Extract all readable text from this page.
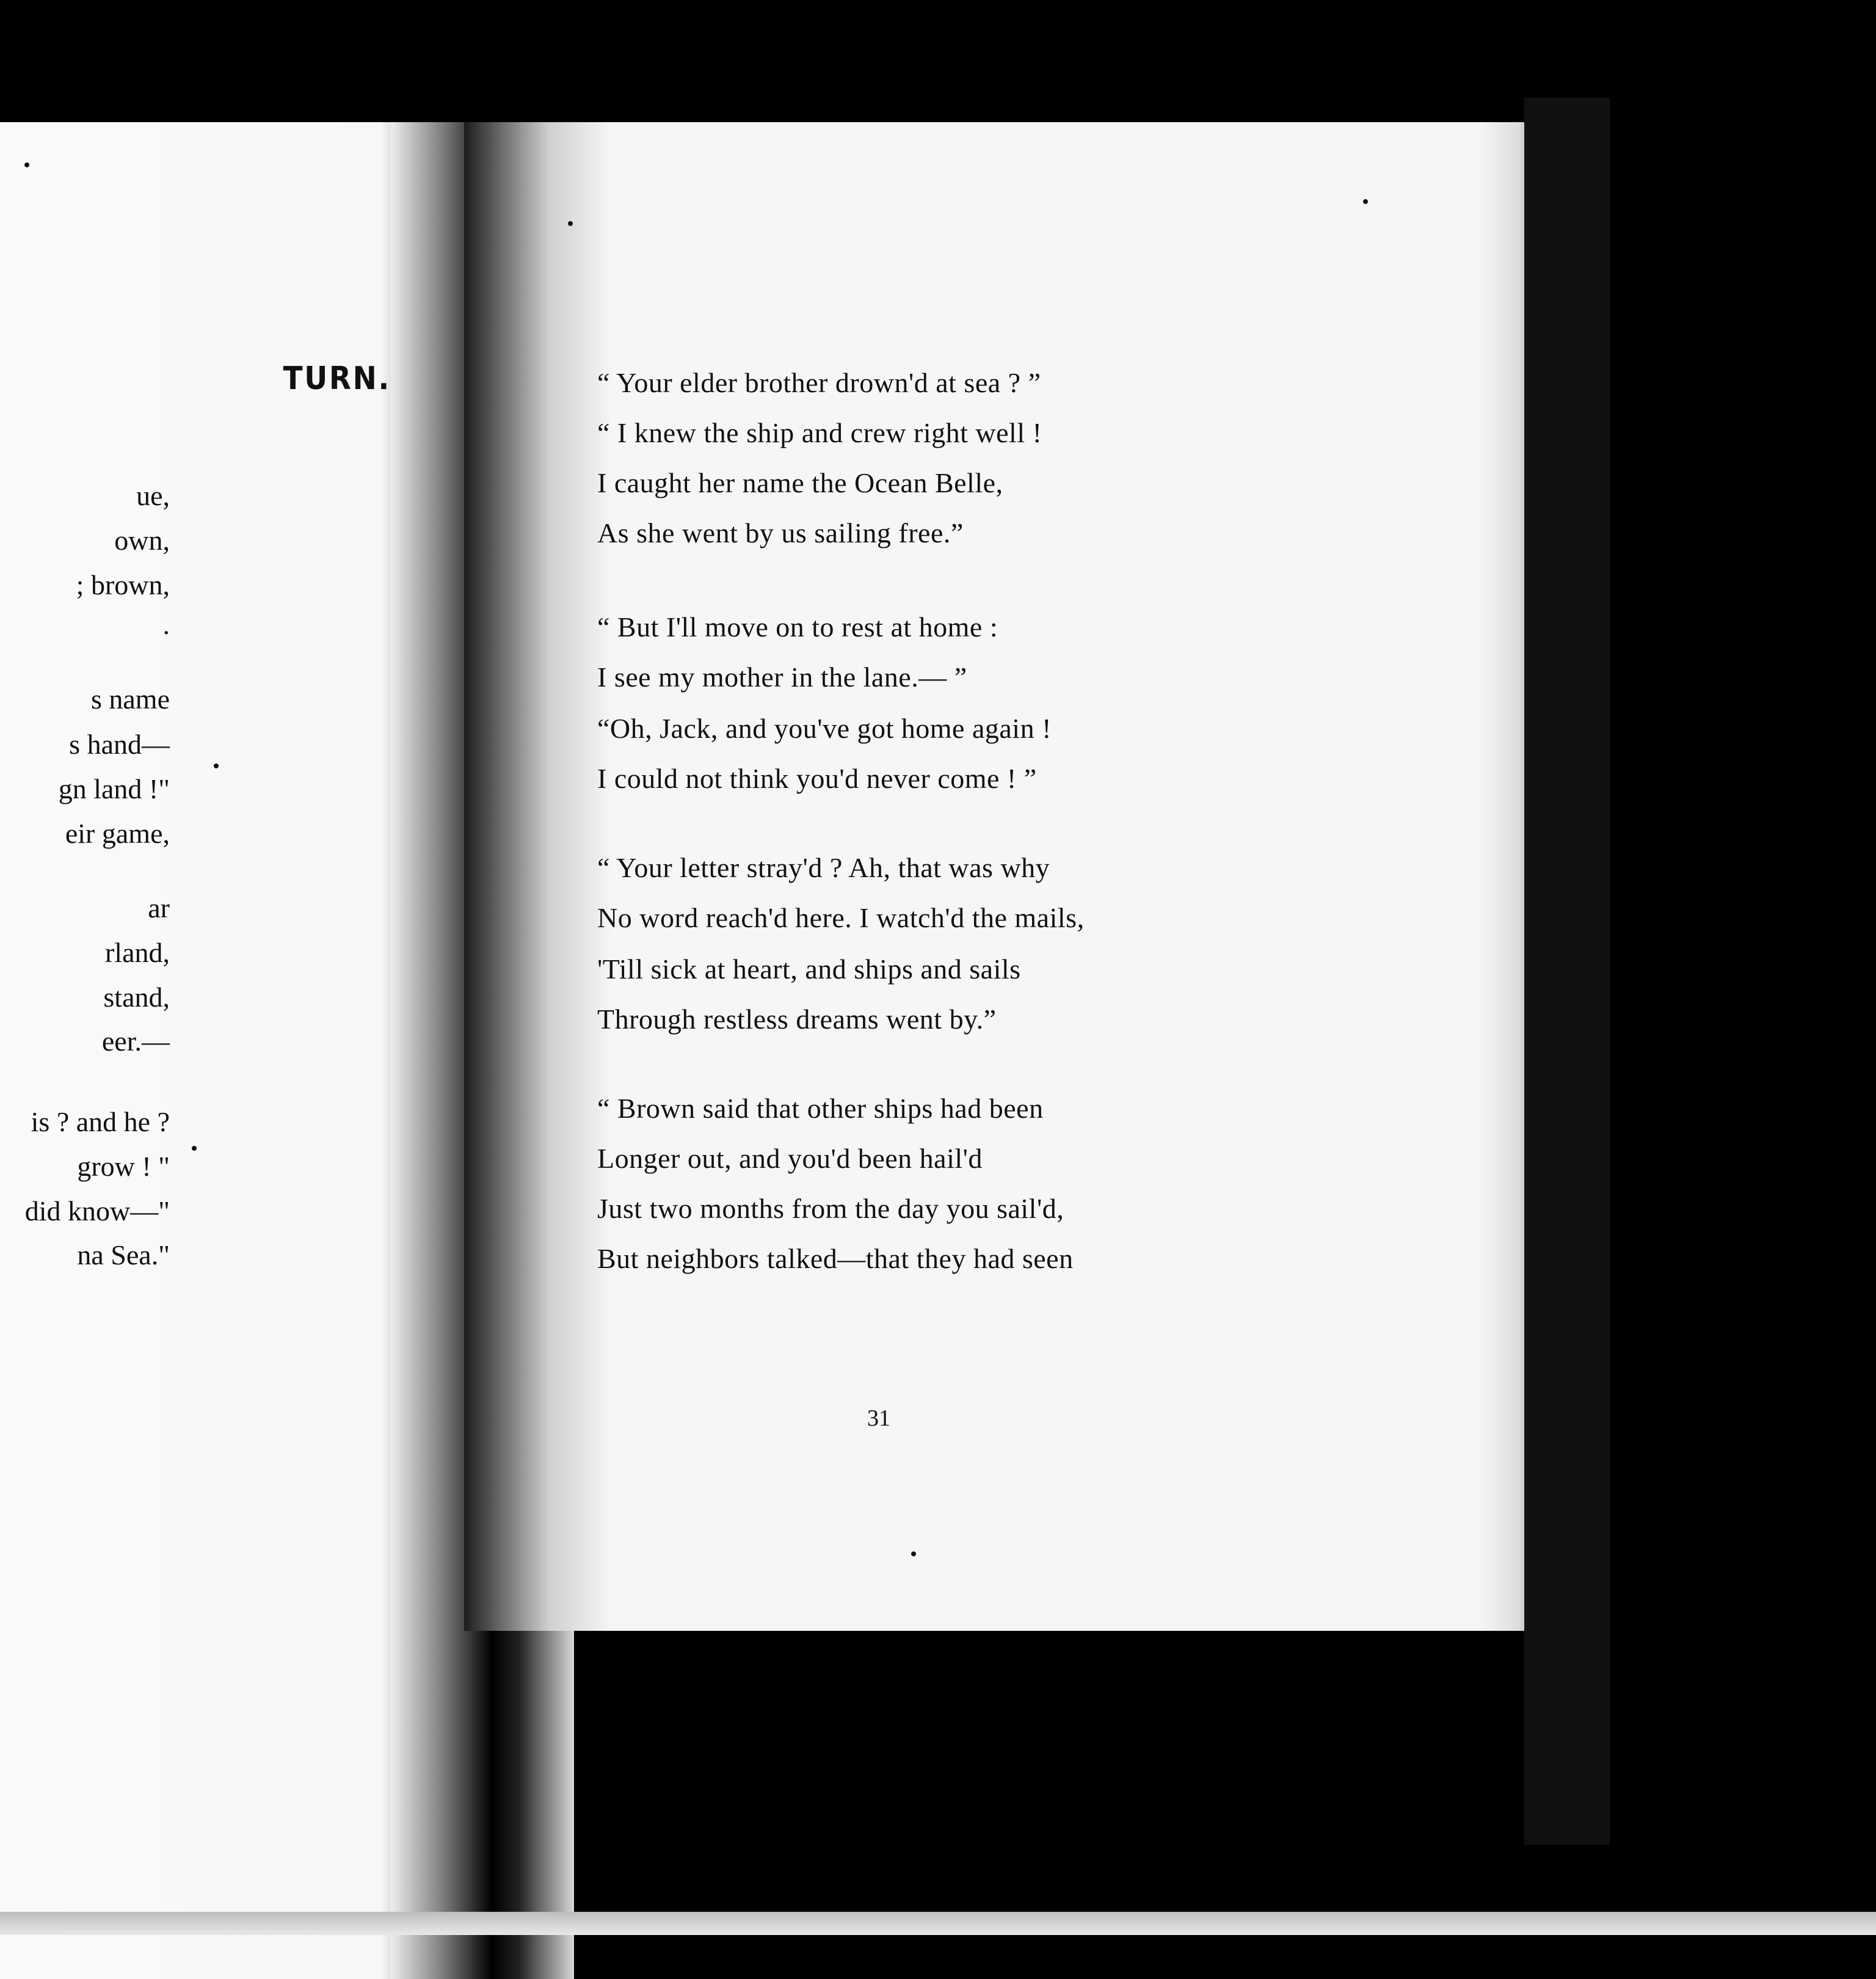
TURN.
ue,
own,
; brown,
.
s name
s hand—
gn land !"
eir game,
ar
rland,
stand,
eer.—
is ? and he ?
grow ! "
did know—"
na Sea."
“ Your elder brother drown'd at sea ? ”
“ I knew the ship and crew right well !
I caught her name the Ocean Belle,
As she went by us sailing free.”
“ But I'll move on to rest at home :
I see my mother in the lane.— ”
“Oh, Jack, and you've got home again !
I could not think you'd never come ! ”
“ Your letter stray'd ? Ah, that was why
No word reach'd here. I watch'd the mails,
'Till sick at heart, and ships and sails
Through restless dreams went by.”
“ Brown said that other ships had been
Longer out, and you'd been hail'd
Just two months from the day you sail'd,
But neighbors talked—that they had seen
31
